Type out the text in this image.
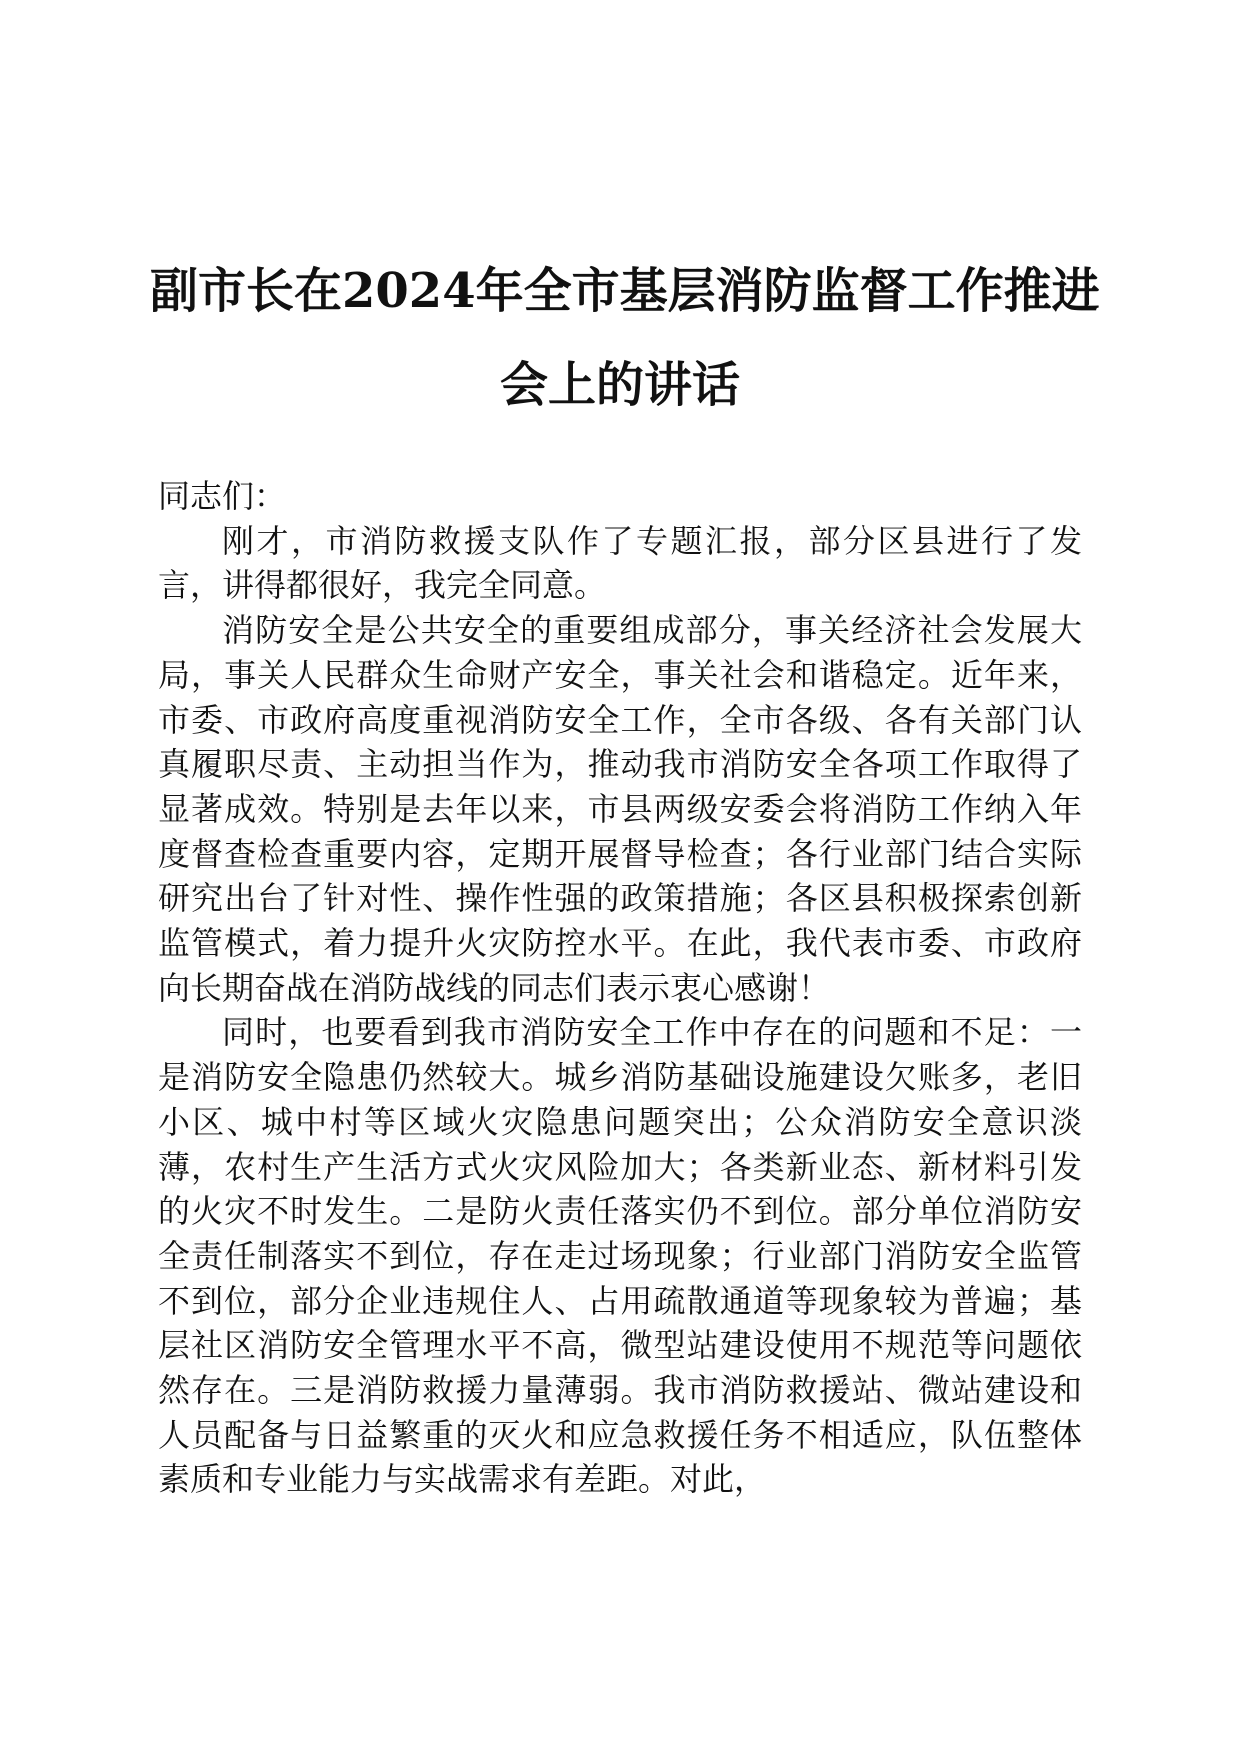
副市长在2024年全市基层消防监督工作推进
会上的讲话

同志们：

刚才，市消防救援支队作了专题汇报，部分区县进行了发言，讲得都很好，我完全同意。

消防安全是公共安全的重要组成部分，事关经济社会发展大局，事关人民群众生命财产安全，事关社会和谐稳定。近年来，市委、市政府高度重视消防安全工作，全市各级、各有关部门认真履职尽责、主动担当作为，推动我市消防安全各项工作取得了显著成效。特别是去年以来，市县两级安委会将消防工作纳入年度督查检查重要内容，定期开展督导检查；各行业部门结合实际研究出台了针对性、操作性强的政策措施；各区县积极探索创新监管模式，着力提升火灾防控水平。在此，我代表市委、市政府向长期奋战在消防战线的同志们表示衷心感谢！

同时，也要看到我市消防安全工作中存在的问题和不足：一是消防安全隐患仍然较大。城乡消防基础设施建设欠账多，老旧小区、城中村等区域火灾隐患问题突出；公众消防安全意识淡薄，农村生产生活方式火灾风险加大；各类新业态、新材料引发的火灾不时发生。二是防火责任落实仍不到位。部分单位消防安全责任制落实不到位，存在走过场现象；行业部门消防安全监管不到位，部分企业违规住人、占用疏散通道等现象较为普遍；基层社区消防安全管理水平不高，微型站建设使用不规范等问题依然存在。三是消防救援力量薄弱。我市消防救援站、微站建设和人员配备与日益繁重的灭火和应急救援任务不相适应，队伍整体素质和专业能力与实战需求有差距。对此，
